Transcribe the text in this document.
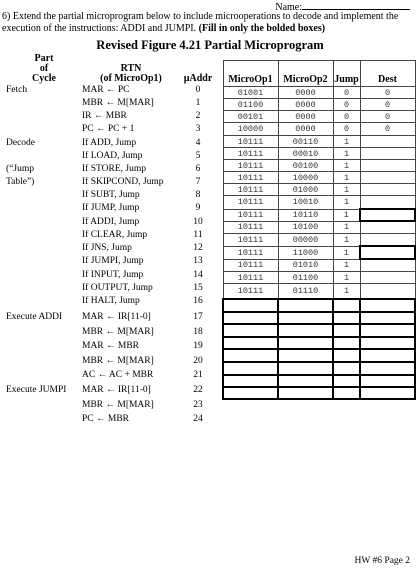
Name:
6) Extend the partial microprogram below to include microoperations to decode and implement the execution of the instructions: ADDI and JUMPI. (Fill in only the bolded boxes)
Revised Figure 4.21 Partial Microprogram
Part
of
Cycle
RTN
(of MicroOp1)	µAddr
Fetch	MAR ← PC	0
MBR ← M[MAR]	1
IR ← MBR	2
PC ← PC + 1	3
Decode	If ADD, Jump	4
If LOAD, Jump	5
(“Jump	If STORE, Jump	6
Table”)	If SKIPCOND, Jump	7
If SUBT, Jump	8
If JUMP, Jump	9
If ADDI, Jump	10
If CLEAR, Jump	11
If JNS, Jump	12
If JUMPI, Jump	13
If INPUT, Jump	14
If OUTPUT, Jump	15
If HALT, Jump	16
Execute ADDI	MAR ← IR[11-0]	17
MBR ← M[MAR]	18
MAR ← MBR	19
MBR ← M[MAR]	20
AC ← AC + MBR	21
Execute JUMPI	MAR ← IR[11-0]	22
MBR ← M[MAR]	23
PC ← MBR	24
MicroOp1	MicroOp2	Jump	Dest
01001	0000	0	0
01100	0000	0	0
00101	0000	0	0
10000	0000	0	0
10111	00110	1	
10111	00010	1	
10111	00100	1	
10111	10000	1	
10111	01000	1	
10111	10010	1	
10111	10110	1	
10111	10100	1	
10111	00000	1	
10111	11000	1	
10111	01010	1	
10111	01100	1	
10111	01110	1	

HW #6 Page 2
